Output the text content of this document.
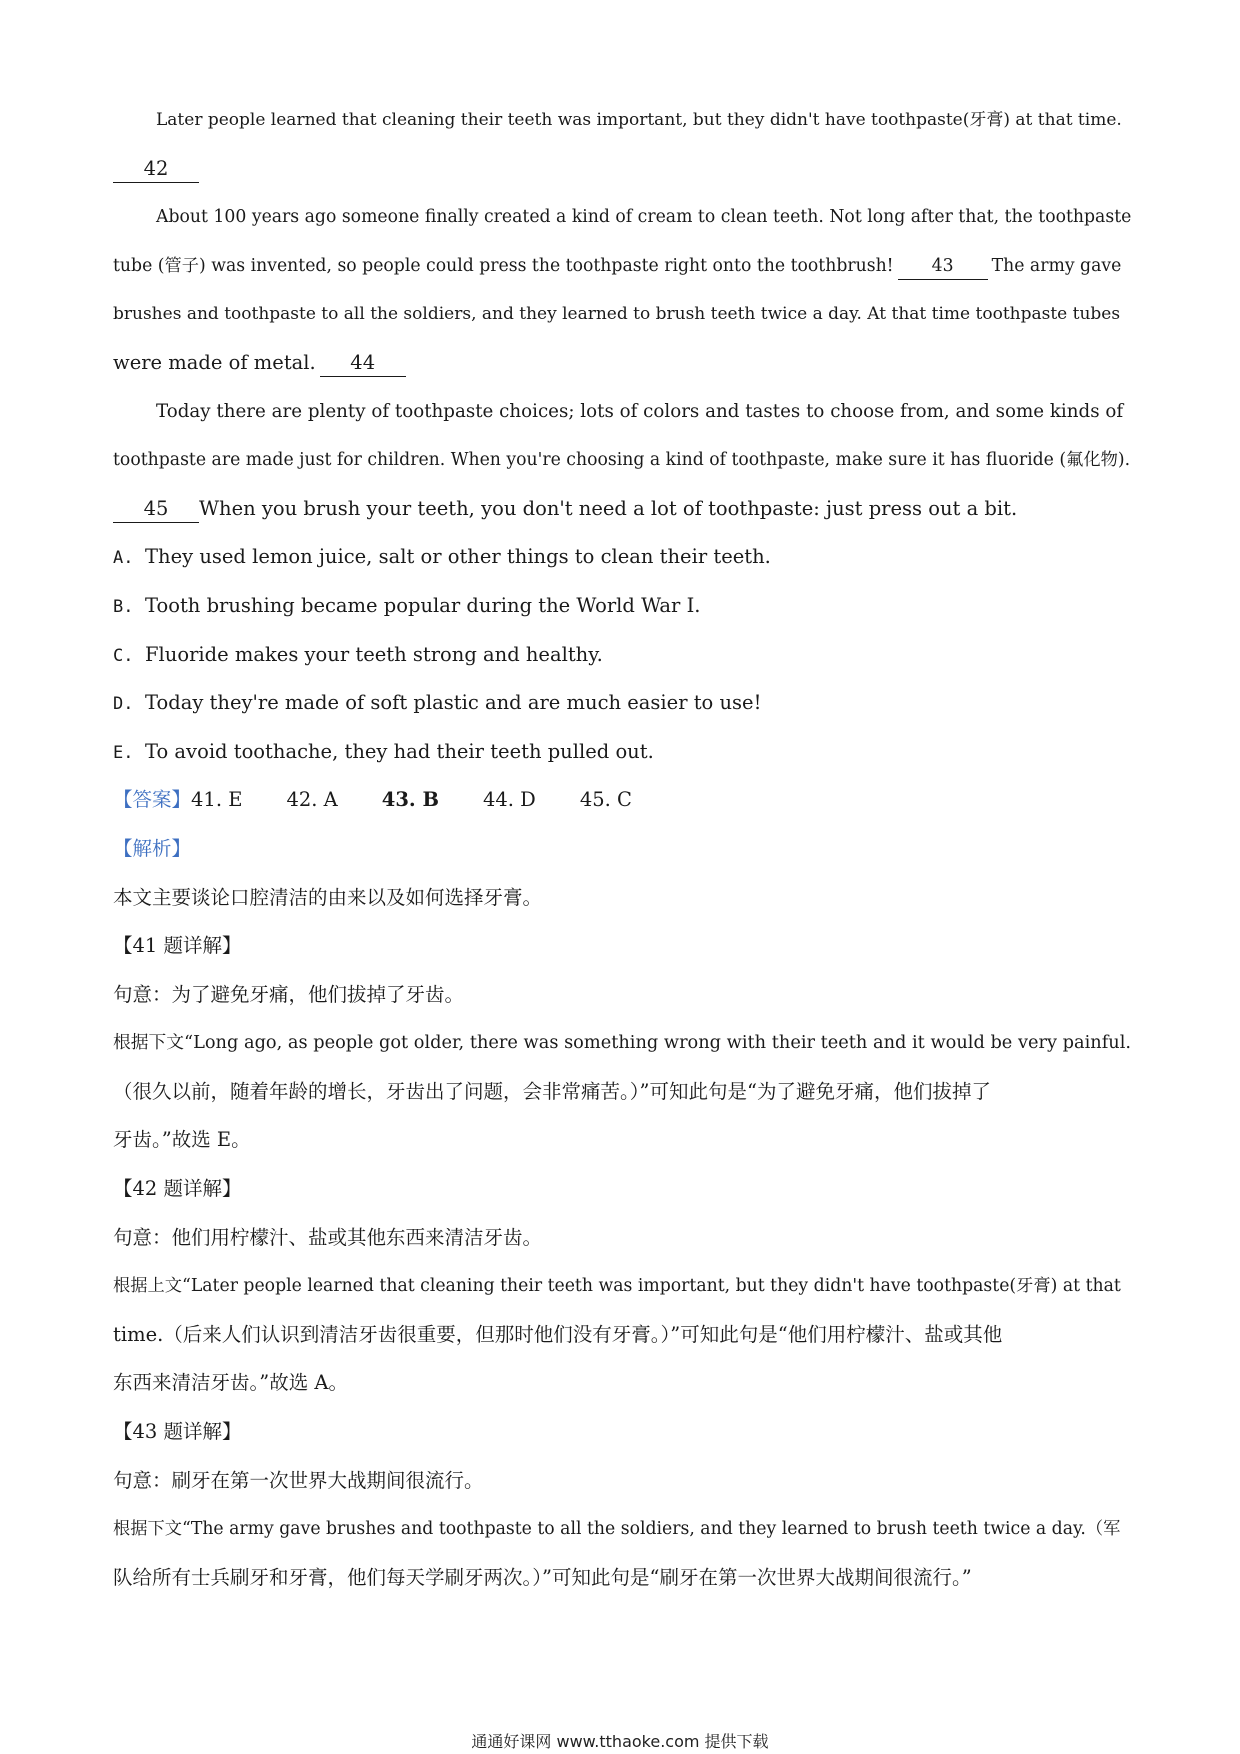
Later people learned that cleaning their teeth was important, but they didn't have toothpaste(牙膏) at that time.
42
About 100 years ago someone finally created a kind of cream to clean teeth. Not long after that, the toothpaste
tube (管子) was invented, so people could press the toothpaste right onto the toothbrush! 43 The army gave
brushes and toothpaste to all the soldiers, and they learned to brush teeth twice a day. At that time toothpaste tubes
were made of metal. 44
Today there are plenty of toothpaste choices; lots of colors and tastes to choose from, and some kinds of
toothpaste are made just for children. When you're choosing a kind of toothpaste, make sure it has fluoride (氟化物).
45 When you brush your teeth, you don't need a lot of toothpaste: just press out a bit.
A. They used lemon juice, salt or other things to clean their teeth.
B. Tooth brushing became popular during the World War I.
C. Fluoride makes your teeth strong and healthy.
D. Today they're made of soft plastic and are much easier to use!
E. To avoid toothache, they had their teeth pulled out.
【答案】41. E 42. A 43. B 44. D 45. C
【解析】
本文主要谈论口腔清洁的由来以及如何选择牙膏。
【41 题详解】
句意：为了避免牙痛，他们拔掉了牙齿。
根据下文“Long ago, as people got older, there was something wrong with their teeth and it would be very painful.
（很久以前，随着年龄的增长，牙齿出了问题，会非常痛苦。）”可知此句是“为了避免牙痛，他们拔掉了
牙齿。”故选 E。
【42 题详解】
句意：他们用柠檬汁、盐或其他东西来清洁牙齿。
根据上文“Later people learned that cleaning their teeth was important, but they didn't have toothpaste(牙膏) at that
time.（后来人们认识到清洁牙齿很重要，但那时他们没有牙膏。）”可知此句是“他们用柠檬汁、盐或其他
东西来清洁牙齿。”故选 A。
【43 题详解】
句意：刷牙在第一次世界大战期间很流行。
根据下文“The army gave brushes and toothpaste to all the soldiers, and they learned to brush teeth twice a day.（军
队给所有士兵刷牙和牙膏，他们每天学刷牙两次。）”可知此句是“刷牙在第一次世界大战期间很流行。”
通通好课网 www.tthaoke.com 提供下载
